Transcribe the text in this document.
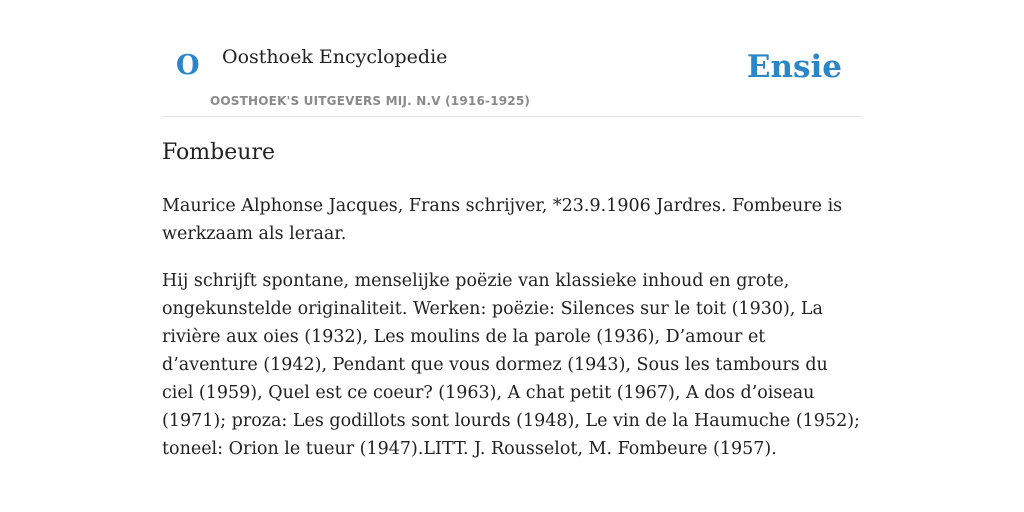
O Oosthoek Encyclopedie
OOSTHOEK'S UITGEVERS MIJ. N.V (1916-1925)
Ensie
Fombeure

Maurice Alphonse Jacques, Frans schrijver, *23.9.1906 Jardres. Fombeure is werkzaam als leraar.

Hij schrijft spontane, menselijke poëzie van klassieke inhoud en grote, ongekunstelde originaliteit. Werken: poëzie: Silences sur le toit (1930), La rivière aux oies (1932), Les moulins de la parole (1936), D’amour et d’aventure (1942), Pendant que vous dormez (1943), Sous les tambours du ciel (1959), Quel est ce coeur? (1963), A chat petit (1967), A dos d’oiseau (1971); proza: Les godillots sont lourds (1948), Le vin de la Haumuche (1952); toneel: Orion le tueur (1947).LITT. J. Rousselot, M. Fombeure (1957).
